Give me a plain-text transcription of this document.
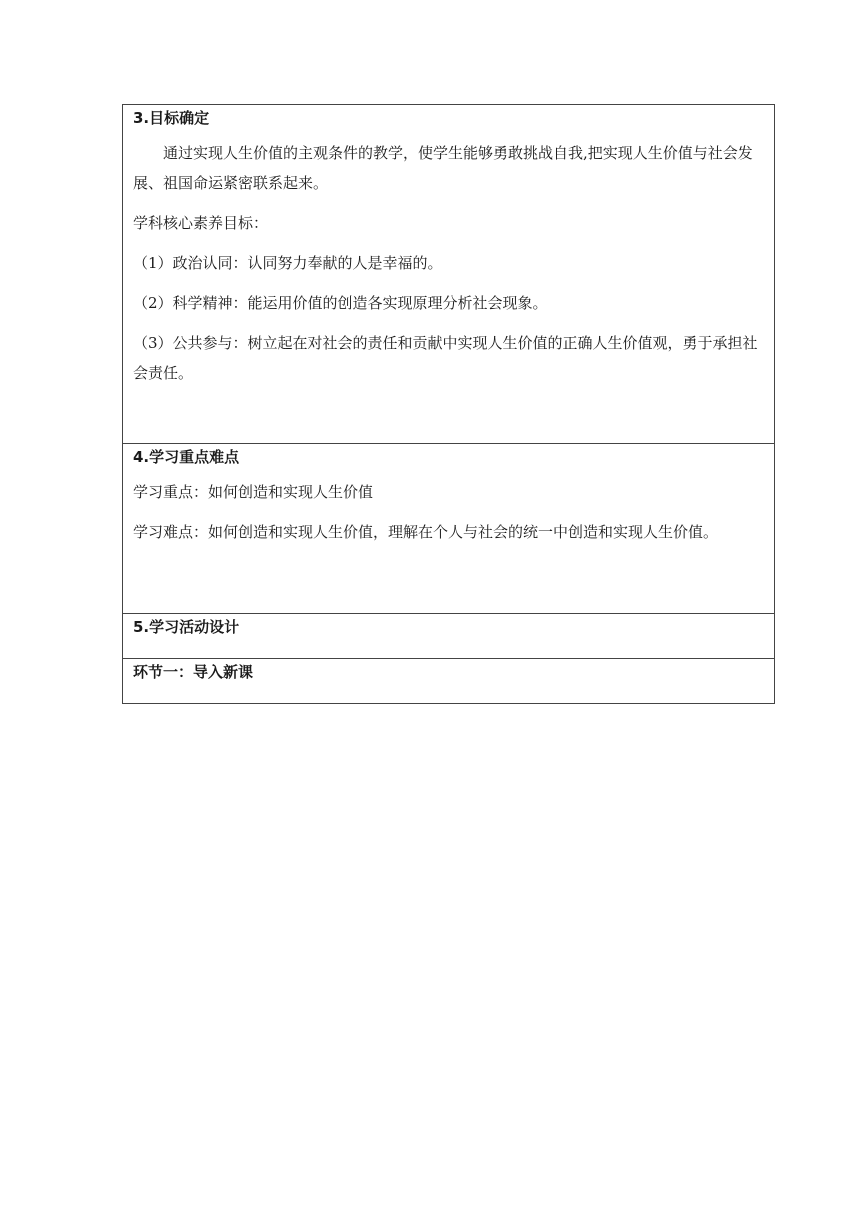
3.目标确定

通过实现人生价值的主观条件的教学，使学生能够勇敢挑战自我,把实现人生价值与社会发展、祖国命运紧密联系起来。

学科核心素养目标：

（1）政治认同：认同努力奉献的人是幸福的。

（2）科学精神：能运用价值的创造各实现原理分析社会现象。

（3）公共参与：树立起在对社会的责任和贡献中实现人生价值的正确人生价值观，勇于承担社会责任。

4.学习重点难点

学习重点：如何创造和实现人生价值

学习难点：如何创造和实现人生价值，理解在个人与社会的统一中创造和实现人生价值。

5.学习活动设计

环节一：导入新课
